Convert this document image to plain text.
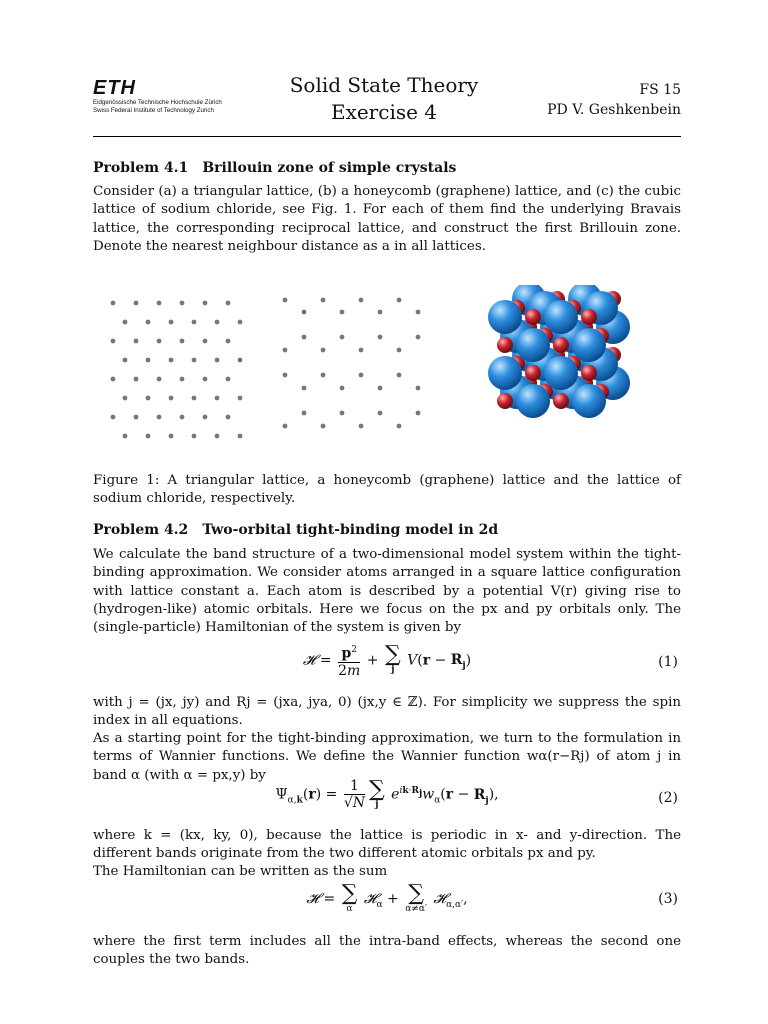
ETH
Eidgenössische Technische Hochschule Zürich
Swiss Federal Institute of Technology Zurich
Solid State Theory
Exercise 4
FS 15
PD V. Geshkenbein
Problem 4.1 Brillouin zone of simple crystals
Consider (a) a triangular lattice, (b) a honeycomb (graphene) lattice, and (c) the cubic lattice of sodium chloride, see Fig. 1. For each of them find the underlying Bravais lattice, the corresponding reciprocal lattice, and construct the first Brillouin zone. Denote the nearest neighbour distance as a in all lattices.
Figure 1: A triangular lattice, a honeycomb (graphene) lattice and the lattice of sodium chloride, respectively.
Problem 4.2 Two-orbital tight-binding model in 2d
We calculate the band structure of a two-dimensional model system within the tight-binding approximation. We consider atoms arranged in a square lattice configuration with lattice constant a. Each atom is described by a potential V(r) giving rise to (hydrogen-like) atomic orbitals. Here we focus on the px and py orbitals only. The (single-particle) Hamiltonian of the system is given by
𝓗 = $\frac{p^2}{2m}$ + ∑
j
$V(r - R_j)$	(1)
with j = (jx, jy) and Rj = (jxa, jya, 0) (jx,y ∈ ℤ). For simplicity we suppress the spin index in all equations.
As a starting point for the tight-binding approximation, we turn to the formulation in terms of Wannier functions. We define the Wannier function wα(r−Rj) of atom j in band α (with α = px,y) by
$\Psi_{\alpha,k}(r) = \frac{1}{√N}$ ∑
j
$e^{ik\cdot R_j}w_\alpha(r - R_j)$,	(2)
where k = (kx, ky, 0), because the lattice is periodic in x- and y-direction. The different bands originate from the two different atomic orbitals px and py.
The Hamiltonian can be written as the sum
𝓗 = ∑
α
𝓗$_\alpha$ + ∑
α≠α′
𝓗$_{\alpha,\alpha'}$,	(3)
where the first term includes all the intra-band effects, whereas the second one couples the two bands.
